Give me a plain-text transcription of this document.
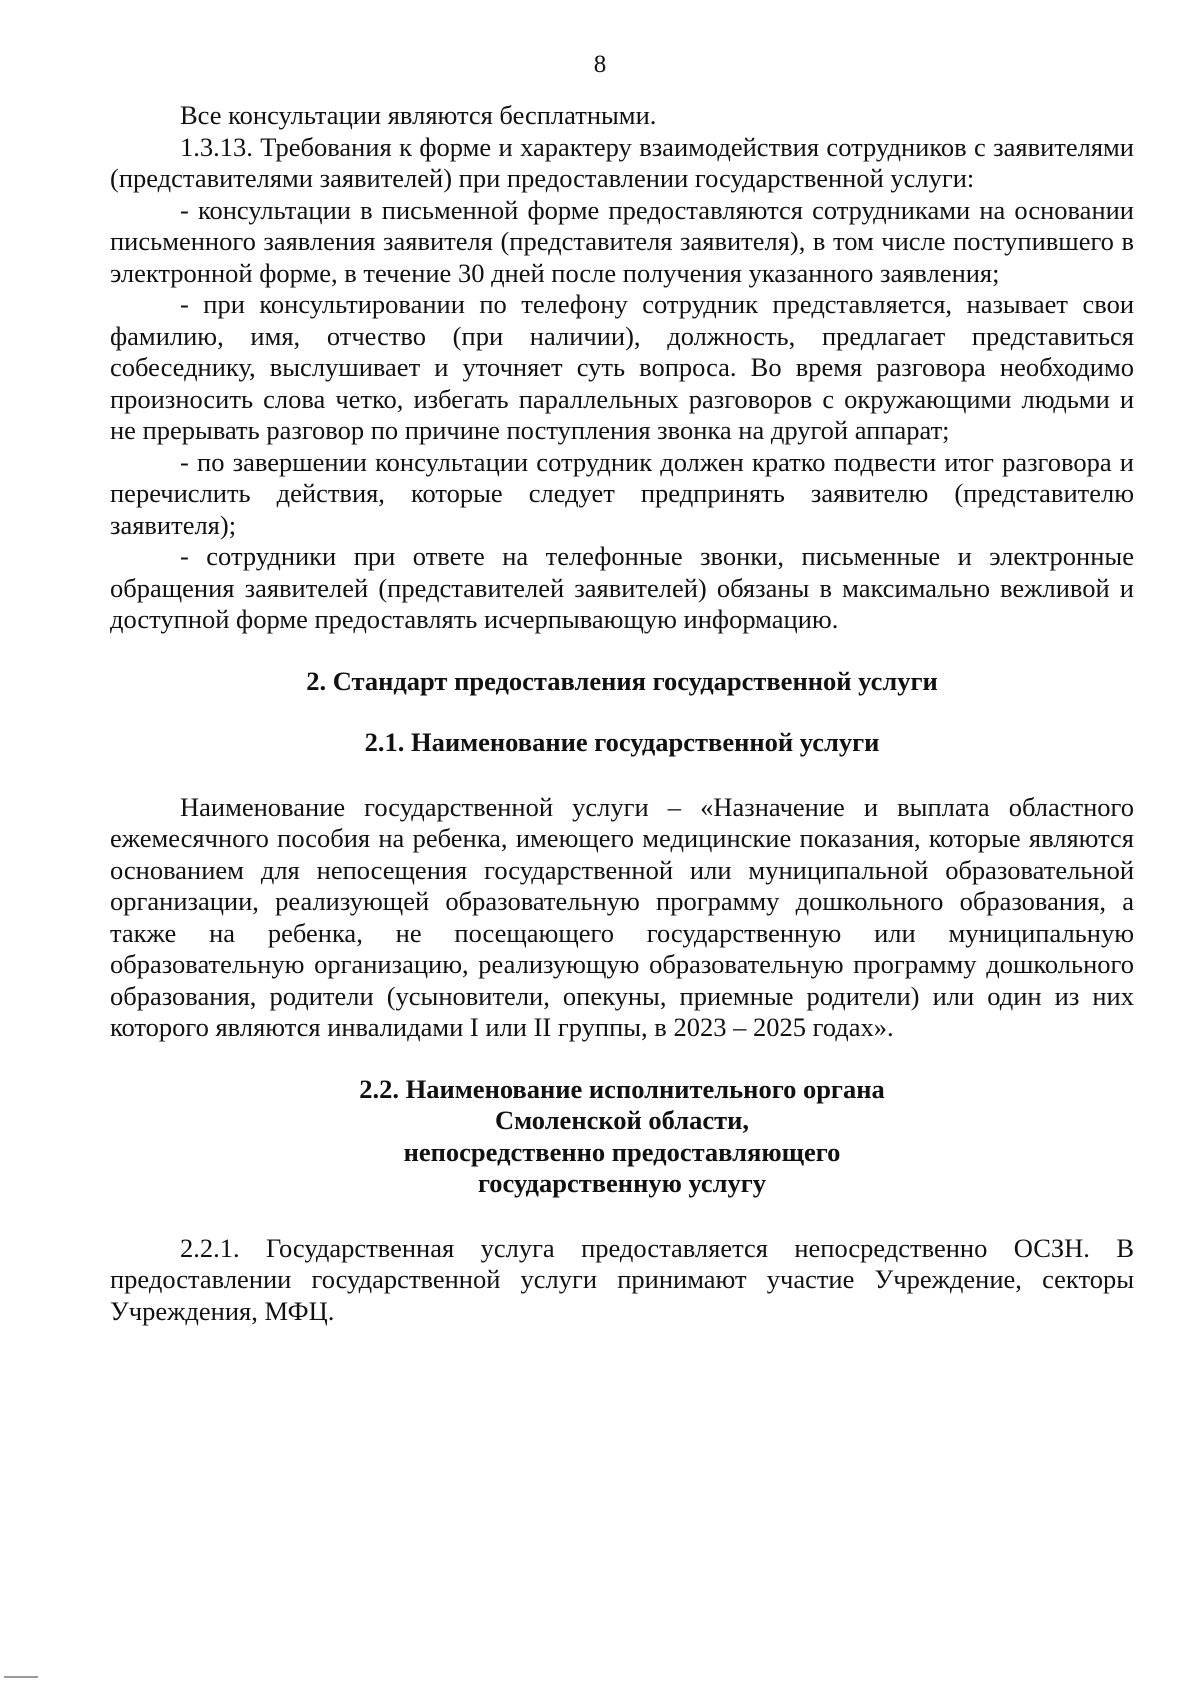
8

Все консультации являются бесплатными.

1.3.13. Требования к форме и характеру взаимодействия сотрудников с заявителями (представителями заявителей) при предоставлении государственной услуги:

- консультации в письменной форме предоставляются сотрудниками на основании письменного заявления заявителя (представителя заявителя), в том числе поступившего в электронной форме, в течение 30 дней после получения указанного заявления;

- при консультировании по телефону сотрудник представляется, называет свои фамилию, имя, отчество (при наличии), должность, предлагает представиться собеседнику, выслушивает и уточняет суть вопроса. Во время разговора необходимо произносить слова четко, избегать параллельных разговоров с окружающими людьми и не прерывать разговор по причине поступления звонка на другой аппарат;

- по завершении консультации сотрудник должен кратко подвести итог разговора и перечислить действия, которые следует предпринять заявителю (представителю заявителя);

- сотрудники при ответе на телефонные звонки, письменные и электронные обращения заявителей (представителей заявителей) обязаны в максимально вежливой и доступной форме предоставлять исчерпывающую информацию.

2. Стандарт предоставления государственной услуги
2.1. Наименование государственной услуги

Наименование государственной услуги – «Назначение и выплата областного ежемесячного пособия на ребенка, имеющего медицинские показания, которые являются основанием для непосещения государственной или муниципальной образовательной организации, реализующей образовательную программу дошкольного образования, а также на ребенка, не посещающего государственную или муниципальную образовательную организацию, реализующую образовательную программу дошкольного образования, родители (усыновители, опекуны, приемные родители) или один из них которого являются инвалидами I или II группы, в 2023 – 2025 годах».

2.2. Наименование исполнительного органа
Смоленской области,
непосредственно предоставляющего
государственную услугу

2.2.1. Государственная услуга предоставляется непосредственно ОСЗН. В предоставлении государственной услуги принимают участие Учреждение, секторы Учреждения, МФЦ.
